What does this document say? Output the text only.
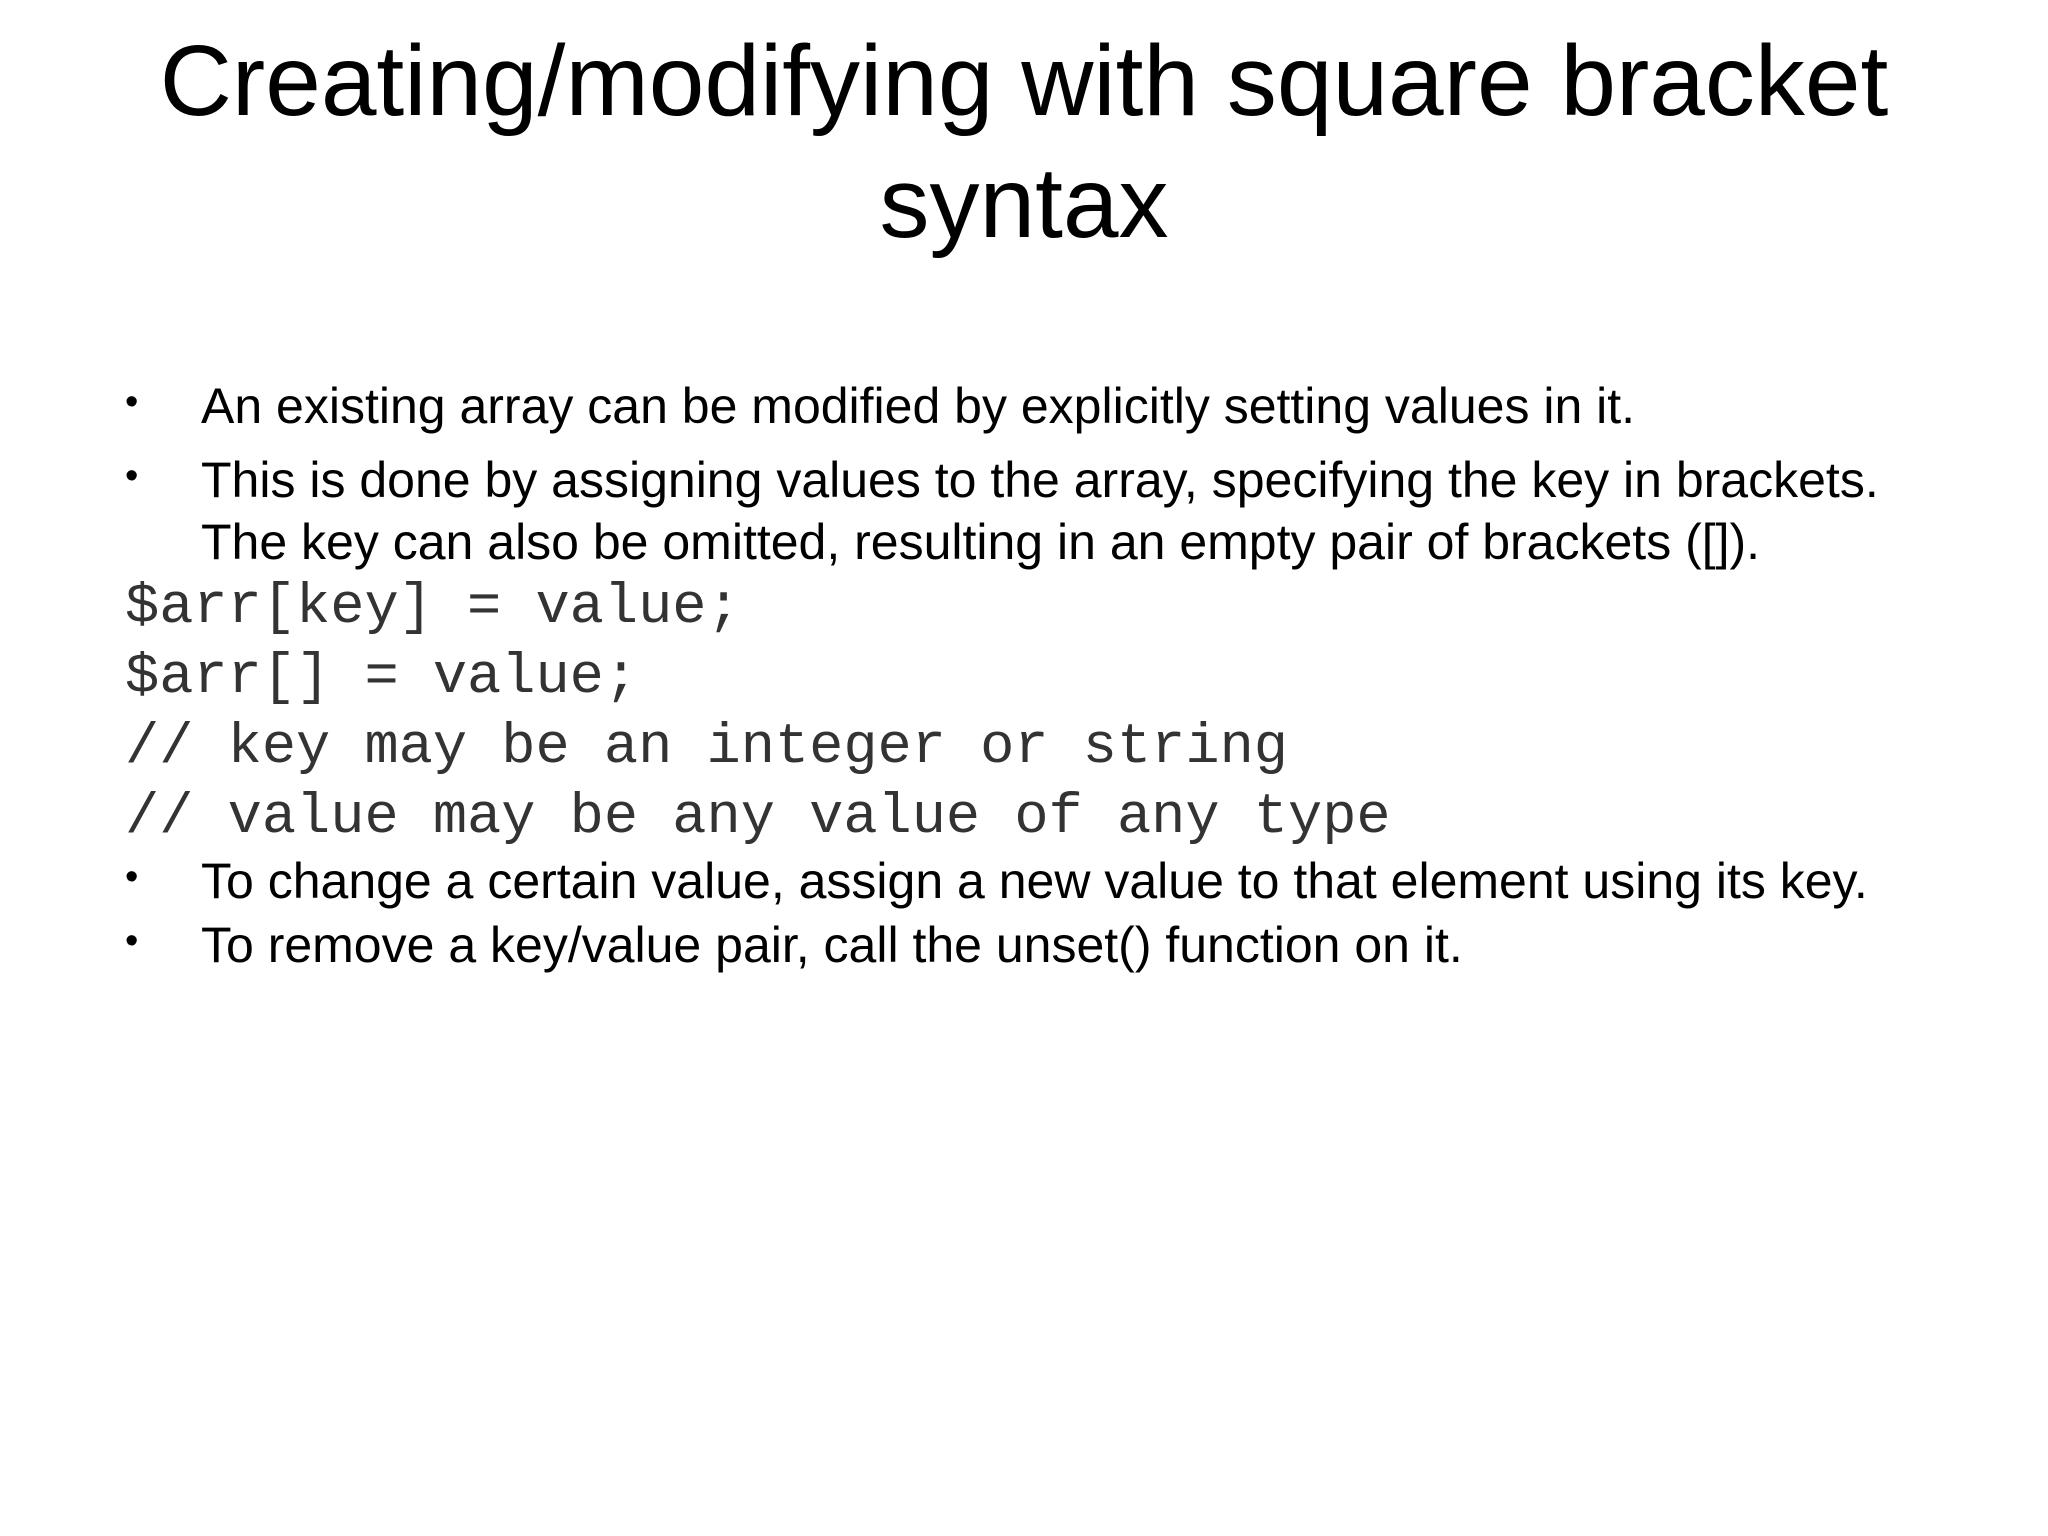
Creating/modifying with square bracket
syntax
• An existing array can be modified by explicitly setting values in it.
• This is done by assigning values to the array, specifying the key in brackets.
The key can also be omitted, resulting in an empty pair of brackets ([]).
$arr[key] = value;
$arr[] = value;
// key may be an integer or string
// value may be any value of any type
• To change a certain value, assign a new value to that element using its key.
• To remove a key/value pair, call the unset() function on it.
